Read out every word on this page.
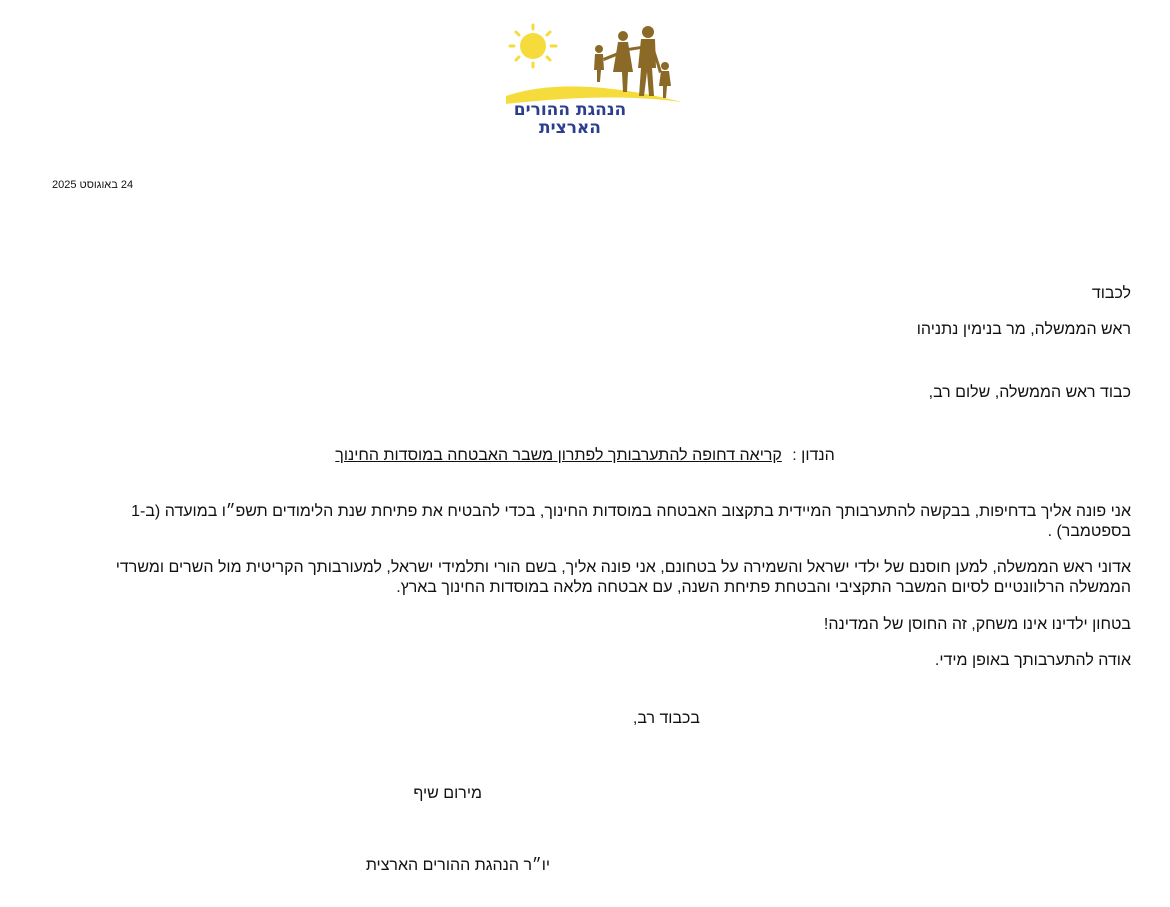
הנהגת ההורים
הארצית
24 באוגוסט 2025
לכבוד
ראש הממשלה, מר בנימין נתניהו
כבוד ראש הממשלה, שלום רב,
הנדון : קריאה דחופה להתערבותך לפתרון משבר האבטחה במוסדות החינוך
אני פונה אליך בדחיפות, בבקשה להתערבותך המיידית בתקצוב האבטחה במוסדות החינוך, בכדי להבטיח את פתיחת שנת הלימודים תשפ״ו במועדה (ב-1 בספטמבר) .
אדוני ראש הממשלה, למען חוסנם של ילדי ישראל והשמירה על בטחונם, אני פונה אליך, בשם הורי ותלמידי ישראל, למעורבותך הקריטית מול השרים ומשרדי הממשלה הרלוונטיים לסיום המשבר התקציבי והבטחת פתיחת השנה, עם אבטחה מלאה במוסדות החינוך בארץ.
בטחון ילדינו אינו משחק, זה החוסן של המדינה!
אודה להתערבותך באופן מידי.
בכבוד רב,
מירום שיף
יו״ר הנהגת ההורים הארצית
